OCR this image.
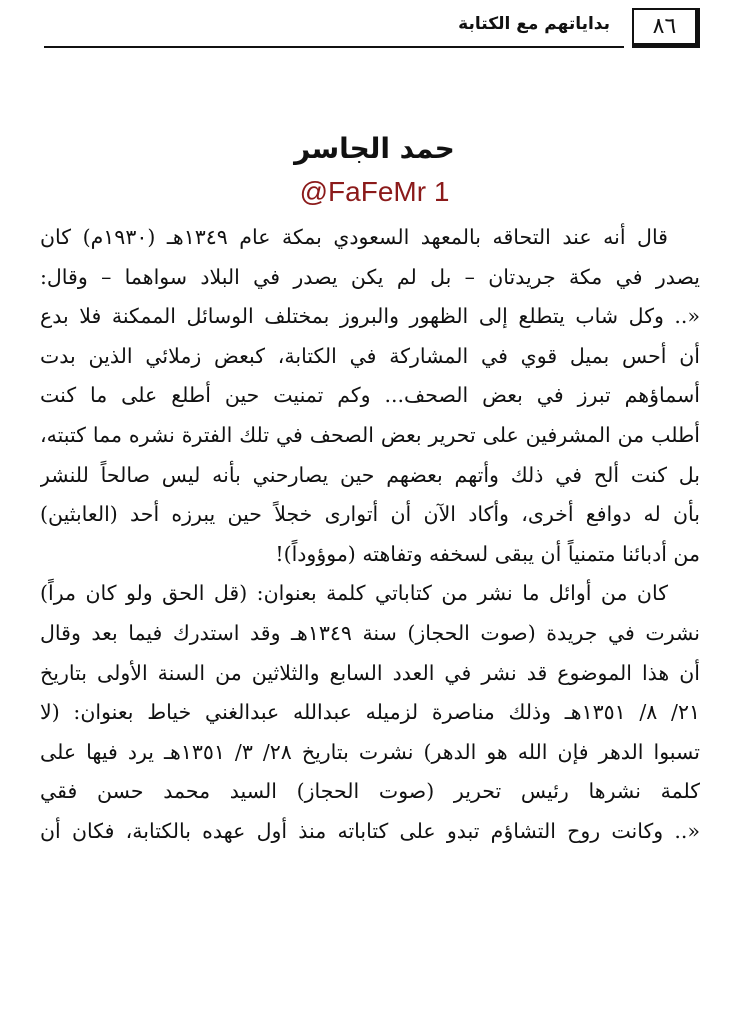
بداياتهم مع الكتابة	٨٦
حمد الجاسر
@FaFeMr 1
قال أنه عند التحاقه بالمعهد السعودي بمكة عام ١٣٤٩هـ (١٩٣٠م) كان
يصدر في مكة جريدتان – بل لم يكن يصدر في البلاد سواهما – وقال:
«.. وكل شاب يتطلع إلى الظهور والبروز بمختلف الوسائل الممكنة فلا بدع
أن أحس بميل قوي في المشاركة في الكتابة، كبعض زملائي الذين بدت
أسماؤهم تبرز في بعض الصحف... وكم تمنيت حين أطلع على ما كنت
أطلب من المشرفين على تحرير بعض الصحف في تلك الفترة نشره مما كتبته،
بل كنت ألح في ذلك وأتهم بعضهم حين يصارحني بأنه ليس صالحاً للنشر
بأن له دوافع أخرى، وأكاد الآن أن أتوارى خجلاً حين يبرزه أحد (العابثين)
من أدبائنا متمنياً أن يبقى لسخفه وتفاهته (موؤوداً)!
كان من أوائل ما نشر من كتاباتي كلمة بعنوان: (قل الحق ولو كان مراً)
نشرت في جريدة (صوت الحجاز) سنة ١٣٤٩هـ وقد استدرك فيما بعد وقال
أن هذا الموضوع قد نشر في العدد السابع والثلاثين من السنة الأولى بتاريخ
٢١/ ٨/ ١٣٥١هـ وذلك مناصرة لزميله عبدالله عبدالغني خياط بعنوان: (لا
تسبوا الدهر فإن الله هو الدهر) نشرت بتاريخ ٢٨/ ٣/ ١٣٥١هـ يرد فيها على
كلمة نشرها رئيس تحرير (صوت الحجاز) السيد محمد حسن فقي
«.. وكانت روح التشاؤم تبدو على كتاباته منذ أول عهده بالكتابة، فكان أن
